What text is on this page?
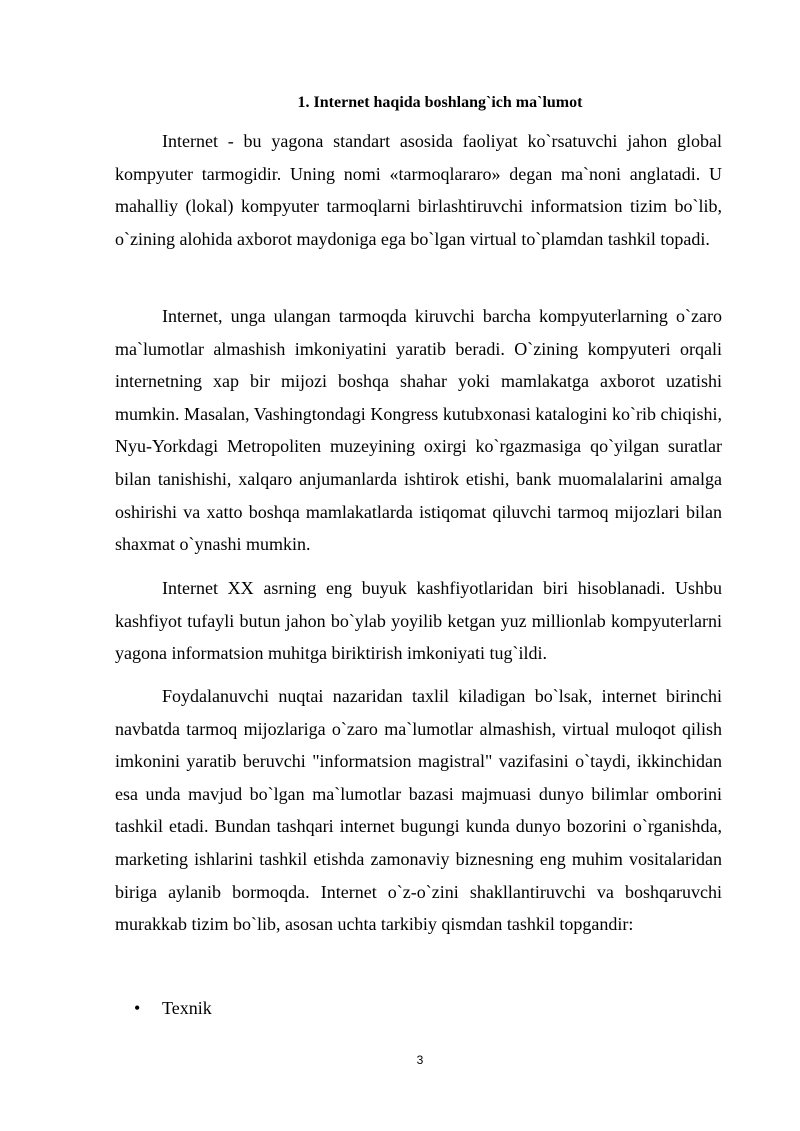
1. Internet haqida boshlang`ich ma`lumot

Internet - bu yagona standart asosida faoliyat ko`rsatuvchi jahon global kompyuter tarmogidir. Uning nomi «tarmoqlararo» degan ma`noni anglatadi. U mahalliy (lokal) kompyuter tarmoqlarni birlashtiruvchi informatsion tizim bo`lib, o`zining alohida axborot maydoniga ega bo`lgan virtual to`plamdan tashkil topadi.

Internet, unga ulangan tarmoqda kiruvchi barcha kompyuterlarning o`zaro ma`lumotlar almashish imkoniyatini yaratib beradi. O`zining kompyuteri orqali internetning xap bir mijozi boshqa shahar yoki mamlakatga axborot uzatishi mumkin. Masalan, Vashingtondagi Kongress kutubxonasi katalogini ko`rib chiqishi, Nyu-Yorkdagi Metropoliten muzeyining oxirgi ko`rgazmasiga qo`yilgan suratlar bilan tanishishi, xalqaro anjumanlarda ishtirok etishi, bank muomalalarini amalga oshirishi va xatto boshqa mamlakatlarda istiqomat qiluvchi tarmoq mijozlari bilan shaxmat o`ynashi mumkin.

Internet XX asrning eng buyuk kashfiyotlaridan biri hisoblanadi. Ushbu kashfiyot tufayli butun jahon bo`ylab yoyilib ketgan yuz millionlab kompyuterlarni yagona informatsion muhitga biriktirish imkoniyati tug`ildi.

Foydalanuvchi nuqtai nazaridan taxlil kiladigan bo`lsak, internet birinchi navbatda tarmoq mijozlariga o`zaro ma`lumotlar almashish, virtual muloqot qilish imkonini yaratib beruvchi "informatsion magistral" vazifasini o`taydi, ikkinchidan esa unda mavjud bo`lgan ma`lumotlar bazasi majmuasi dunyo bilimlar omborini tashkil etadi. Bundan tashqari internet bugungi kunda dunyo bozorini o`rganishda, marketing ishlarini tashkil etishda zamonaviy biznesning eng muhim vositalaridan biriga aylanib bormoqda. Internet o`z-o`zini shakllantiruvchi va boshqaruvchi murakkab tizim bo`lib, asosan uchta tarkibiy qismdan tashkil topgandir:

• Texnik
3
